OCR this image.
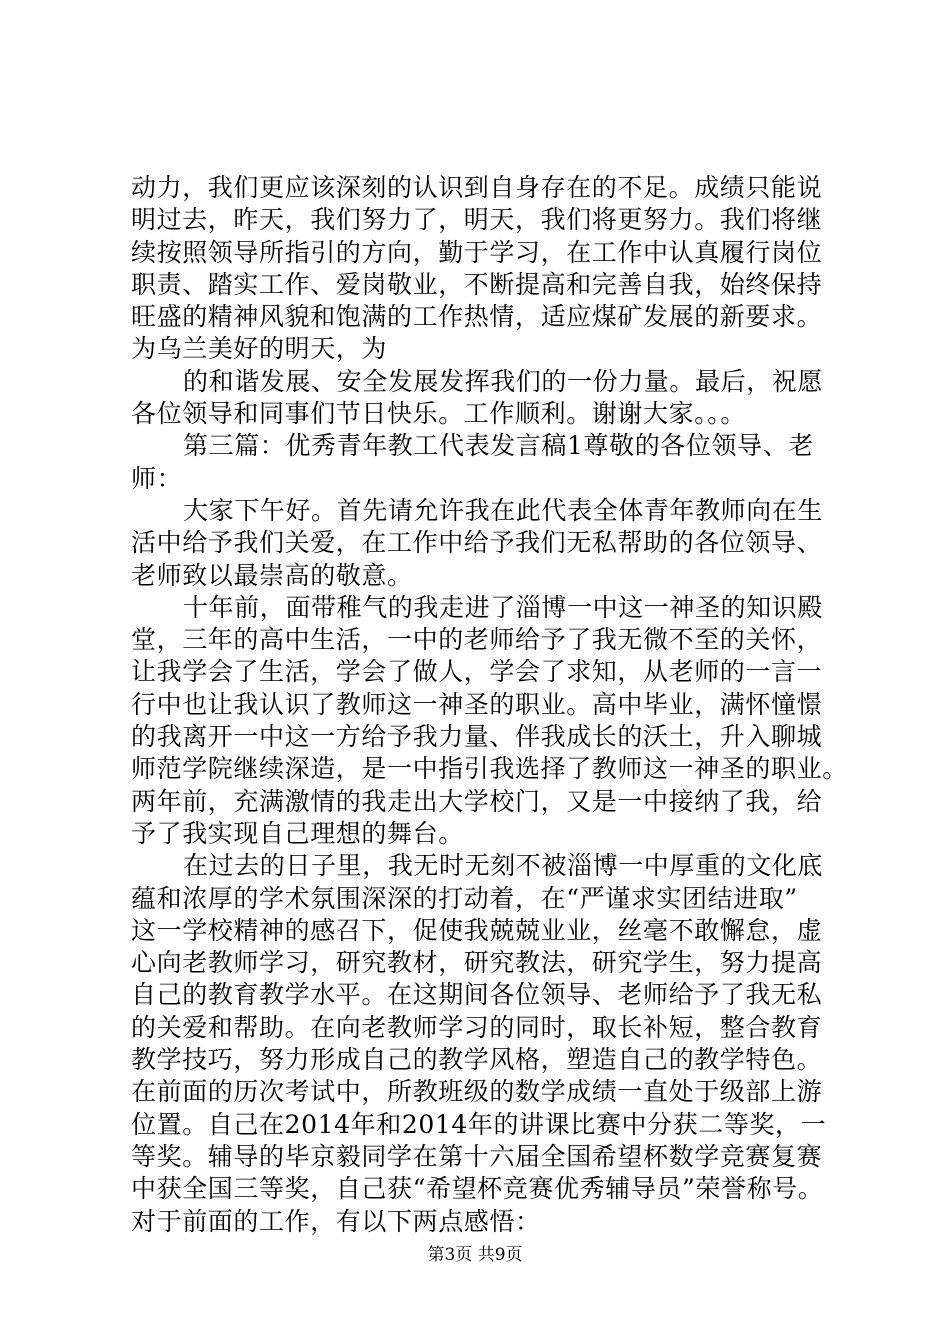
动力，我们更应该深刻的认识到自身存在的不足。成绩只能说
明过去，昨天，我们努力了，明天，我们将更努力。我们将继
续按照领导所指引的方向，勤于学习，在工作中认真履行岗位
职责、踏实工作、爱岗敬业，不断提高和完善自我，始终保持
旺盛的精神风貌和饱满的工作热情，适应煤矿发展的新要求。
为乌兰美好的明天，为
的和谐发展、安全发展发挥我们的一份力量。最后，祝愿
各位领导和同事们节日快乐。工作顺利。谢谢大家。。。
第三篇：优秀青年教工代表发言稿1尊敬的各位领导、老
师：
大家下午好。首先请允许我在此代表全体青年教师向在生
活中给予我们关爱，在工作中给予我们无私帮助的各位领导、
老师致以最崇高的敬意。
十年前，面带稚气的我走进了淄博一中这一神圣的知识殿
堂，三年的高中生活，一中的老师给予了我无微不至的关怀，
让我学会了生活，学会了做人，学会了求知，从老师的一言一
行中也让我认识了教师这一神圣的职业。高中毕业，满怀憧憬
的我离开一中这一方给予我力量、伴我成长的沃土，升入聊城
师范学院继续深造，是一中指引我选择了教师这一神圣的职业。
两年前，充满激情的我走出大学校门，又是一中接纳了我，给
予了我实现自己理想的舞台。
在过去的日子里，我无时无刻不被淄博一中厚重的文化底
蕴和浓厚的学术氛围深深的打动着，在“严谨求实团结进取”
这一学校精神的感召下，促使我兢兢业业，丝毫不敢懈怠，虚
心向老教师学习，研究教材，研究教法，研究学生，努力提高
自己的教育教学水平。在这期间各位领导、老师给予了我无私
的关爱和帮助。在向老教师学习的同时，取长补短，整合教育
教学技巧，努力形成自己的教学风格，塑造自己的教学特色。
在前面的历次考试中，所教班级的数学成绩一直处于级部上游
位置。自己在2014年和2014年的讲课比赛中分获二等奖，一
等奖。辅导的毕京毅同学在第十六届全国希望杯数学竞赛复赛
中获全国三等奖，自己获“希望杯竞赛优秀辅导员”荣誉称号。
对于前面的工作，有以下两点感悟：
第3页 共9页
